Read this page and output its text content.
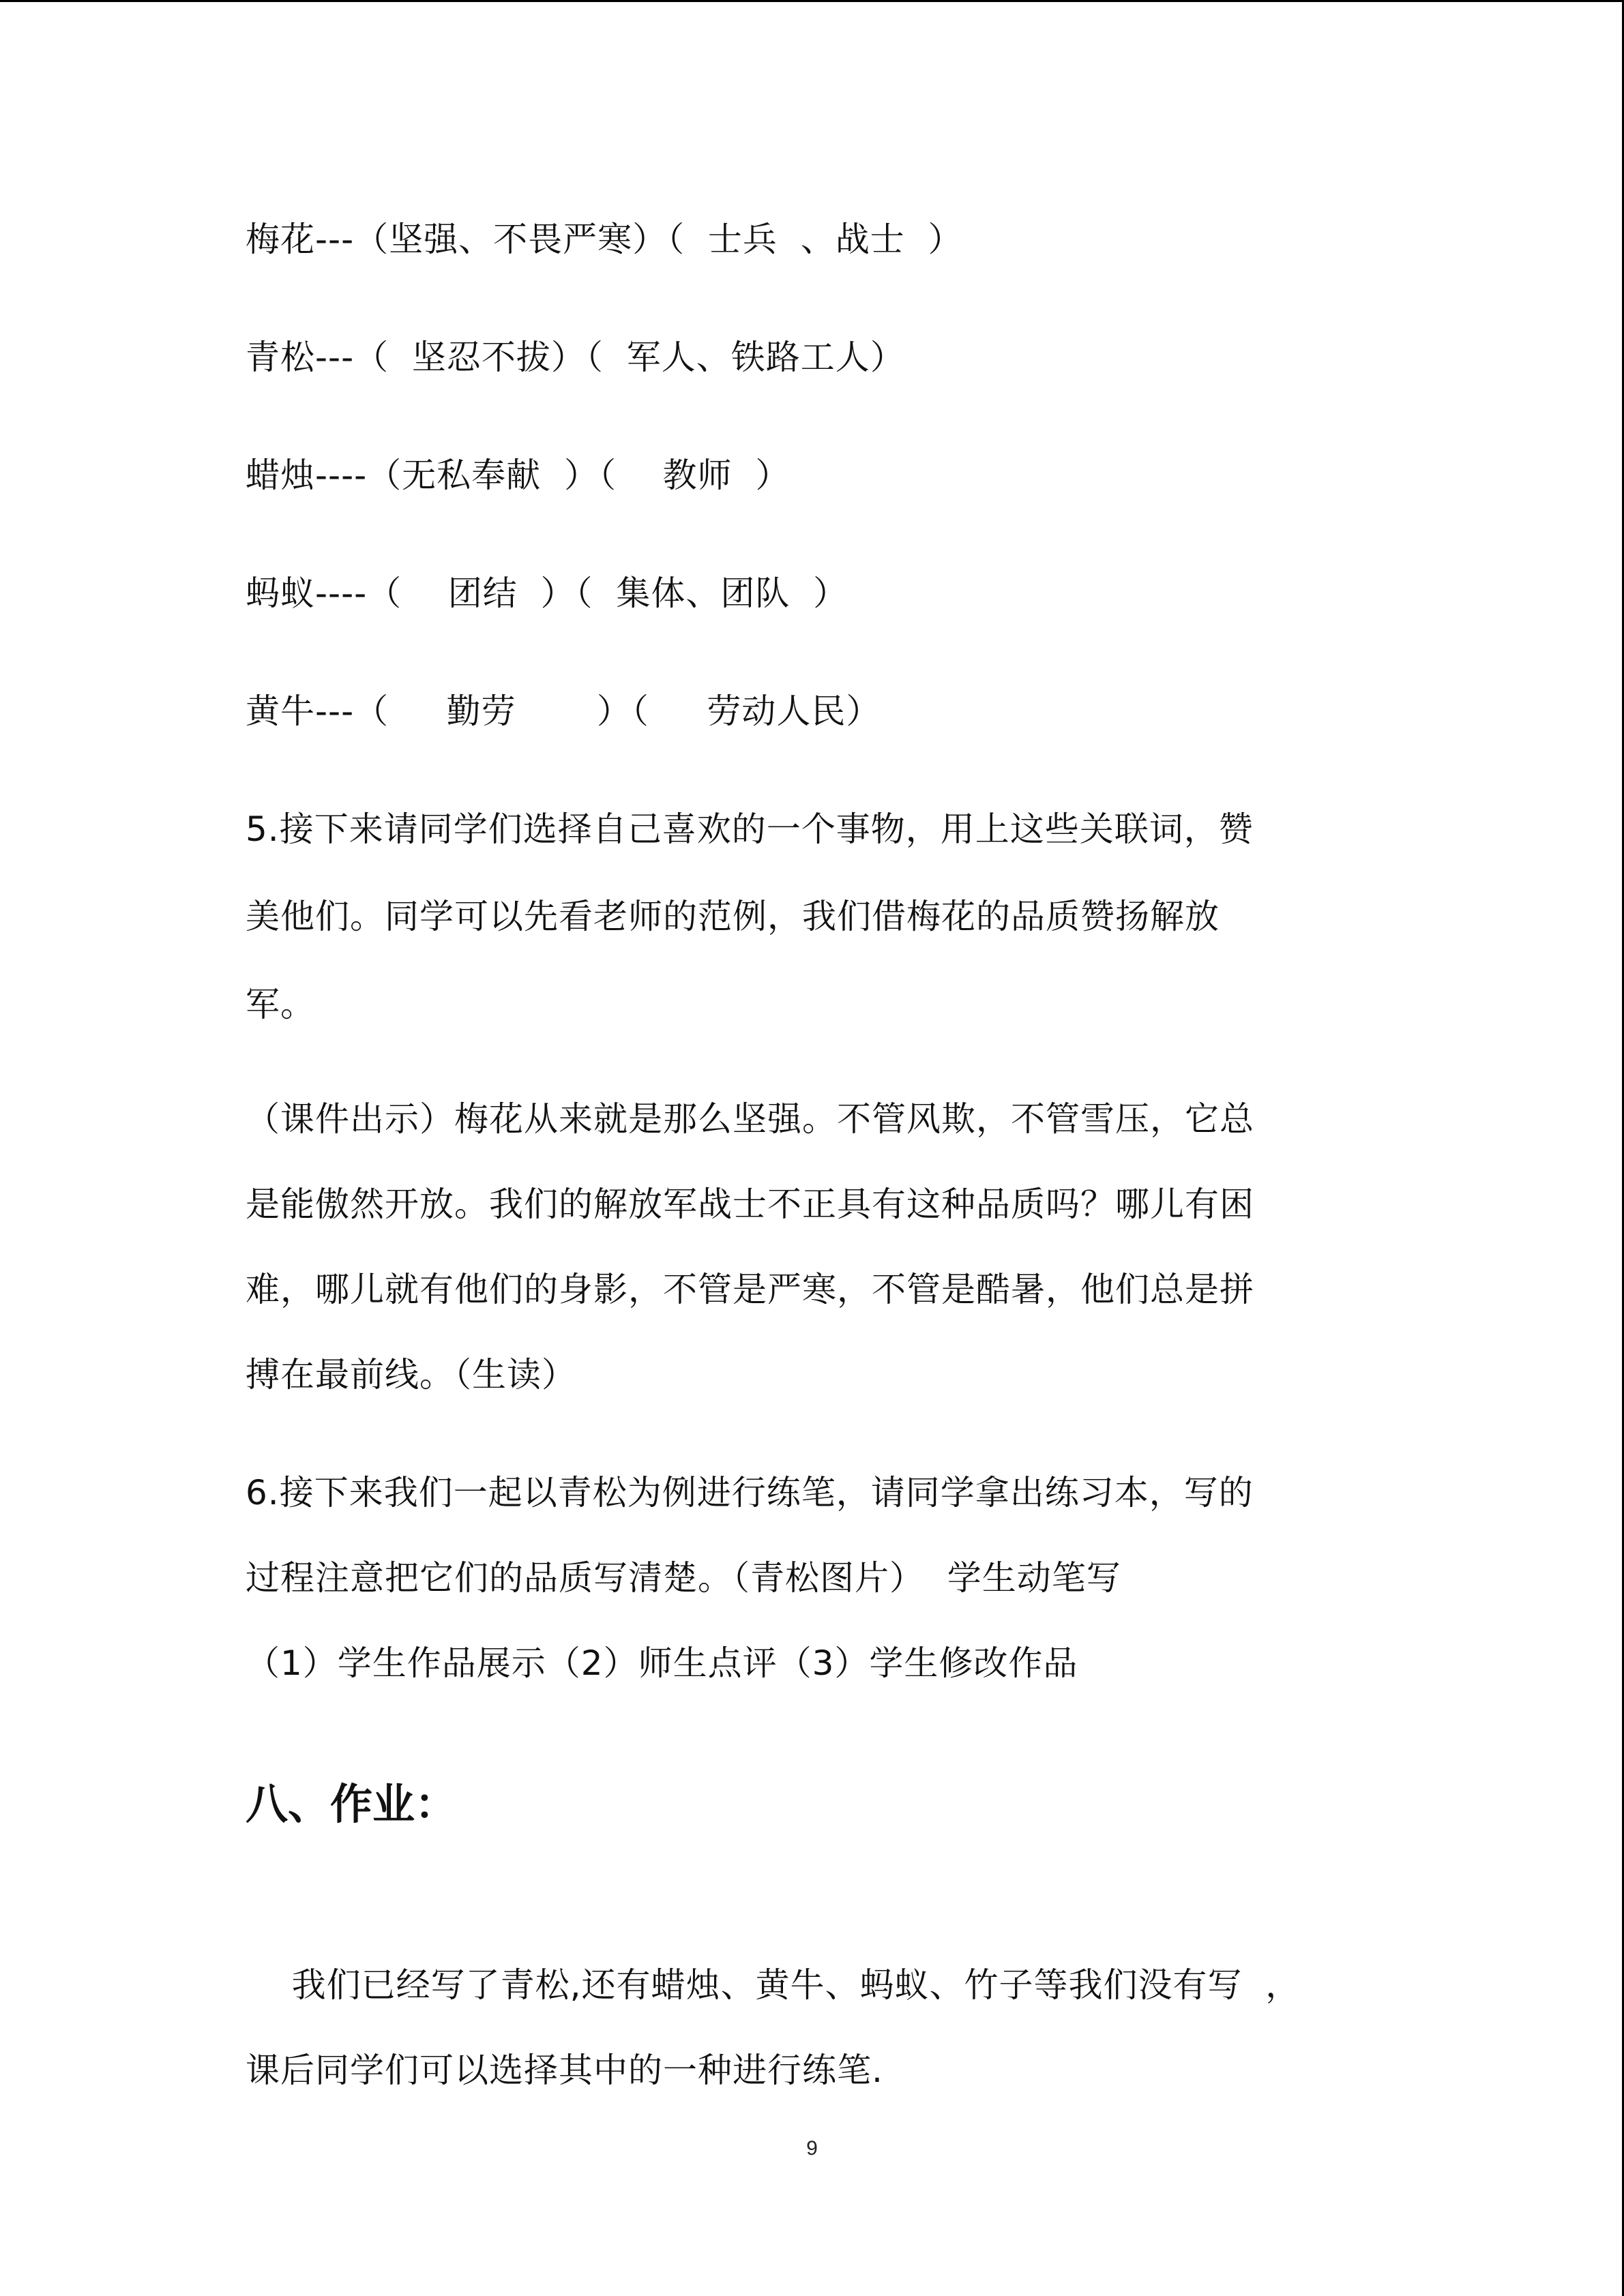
梅花---（坚强、不畏严寒）（  士兵  、战士  ）
青松---（  坚忍不拔）（  军人、铁路工人）
蜡烛----（无私奉献  ）（    教师  ）
蚂蚁----（    团结  ）（  集体、团队  ）
黄牛---（     勤劳       ）（     劳动人民）
5.接下来请同学们选择自己喜欢的一个事物，用上这些关联词，赞
美他们。同学可以先看老师的范例，我们借梅花的品质赞扬解放
军。
（课件出示）梅花从来就是那么坚强。不管风欺，不管雪压，它总
是能傲然开放。我们的解放军战士不正具有这种品质吗？哪儿有困
难，哪儿就有他们的身影，不管是严寒，不管是酷暑，他们总是拼
搏在最前线。（生读）
6.接下来我们一起以青松为例进行练笔，请同学拿出练习本，写的
过程注意把它们的品质写清楚。（青松图片）  学生动笔写
（1）学生作品展示（2）师生点评（3）学生修改作品
八、作业：
我们已经写了青松,还有蜡烛、黄牛、蚂蚁、竹子等我们没有写  ，
课后同学们可以选择其中的一种进行练笔.
9
